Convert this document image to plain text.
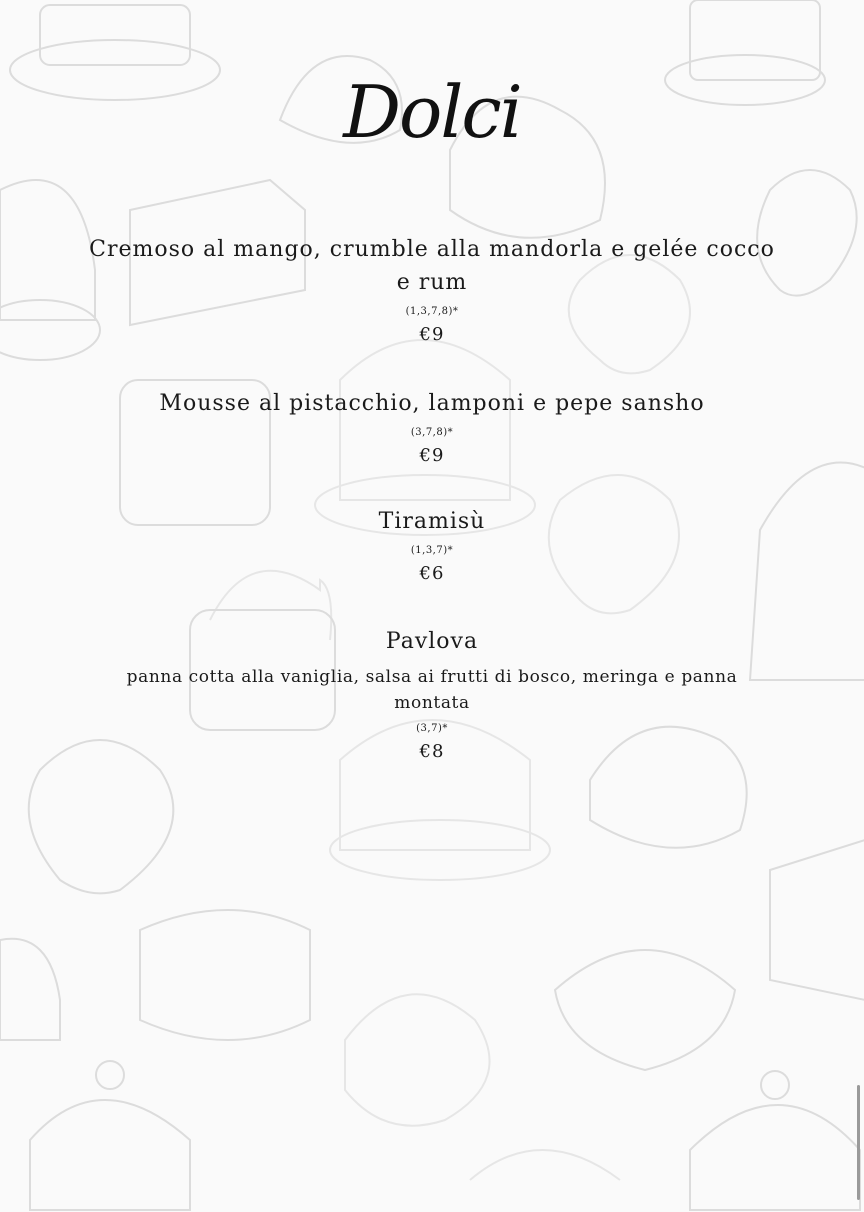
Dolci
Cremoso al mango, crumble alla mandorla e gelée cocco e rum
(1,3,7,8)*
€9
Mousse al pistacchio, lamponi e pepe sansho
(3,7,8)*
€9
Tiramisù
(1,3,7)*
€6
Pavlova
panna cotta alla vaniglia, salsa ai frutti di bosco, meringa e panna montata
(3,7)*
€8
